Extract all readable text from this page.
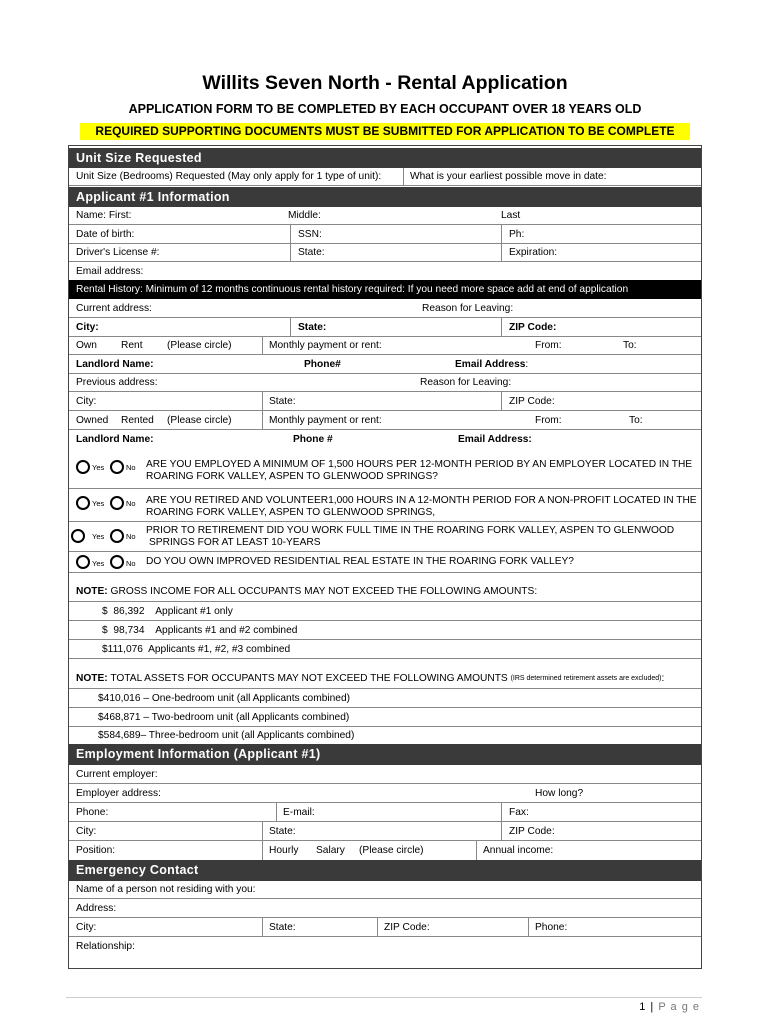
Willits Seven North - Rental Application
APPLICATION FORM TO BE COMPLETED BY EACH OCCUPANT OVER 18 YEARS OLD
REQUIRED SUPPORTING DOCUMENTS MUST BE SUBMITTED FOR APPLICATION TO BE COMPLETE
Unit Size Requested
Unit Size (Bedrooms) Requested (May only apply for 1 type of unit):	What is your earliest possible move in date:
Applicant #1 Information
Name: First:	Middle:	Last
Date of birth:	SSN:	Ph:
Driver's License #:	State:	Expiration:
Email address:
Rental History: Minimum of 12 months continuous rental history required: If you need more space add at end of application
Current address:	Reason for Leaving:
City:	State:	ZIP Code:
Own Rent (Please circle)	Monthly payment or rent:	From:	To:
Landlord Name:	Phone#	Email Address :
Previous address:	Reason for Leaving:
City:	State:	ZIP Code:
Owned Rented (Please circle)	Monthly payment or rent:	From:	To:
Landlord Name:	Phone #	Email Address:
Yes	No ARE YOU EMPLOYED A MINIMUM OF 1,500 HOURS PER 12-MONTH PERIOD BY AN EMPLOYER LOCATED IN THE
ROARING FORK VALLEY, ASPEN TO GLENWOOD SPRINGS?
Yes	No ARE YOU RETIRED AND VOLUNTEER1,000 HOURS IN A 12-MONTH PERIOD FOR A NON-PROFIT LOCATED IN THE
ROARING FORK VALLEY, ASPEN TO GLENWOOD SPRINGS,
Yes	No
PRIOR TO RETIREMENT DID YOU WORK FULL TIME IN THE ROARING FORK VALLEY, ASPEN TO GLENWOOD
SPRINGS FOR AT LEAST 10-YEARS
Yes	No DO YOU OWN IMPROVED RESIDENTIAL REAL ESTATE IN THE ROARING FORK VALLEY?
NOTE: GROSS INCOME FOR ALL OCCUPANTS MAY NOT EXCEED THE FOLLOWING AMOUNTS:
$  86,392    Applicant #1 only
$  98,734    Applicants #1 and #2 combined
$111,076  Applicants #1, #2, #3 combined
NOTE: TOTAL ASSETS FOR OCCUPANTS MAY NOT EXCEED THE FOLLOWING AMOUNTS (IRS determined retirement assets are excluded) :
$410,016 – One-bedroom unit (all Applicants combined)
$468,871 – Two-bedroom unit (all Applicants combined)
$584,689– Three-bedroom unit (all Applicants combined)
Employment Information (Applicant #1)
Current employer:
Employer address:	How long?
Phone:	E-mail:	Fax:
City:	State:	ZIP Code:
Position:	Hourly Salary (Please circle)	Annual income:
Emergency Contact
Name of a person not residing with you:
Address:
City:	State:	ZIP Code:	Phone:
Relationship:
1 | P a g e
